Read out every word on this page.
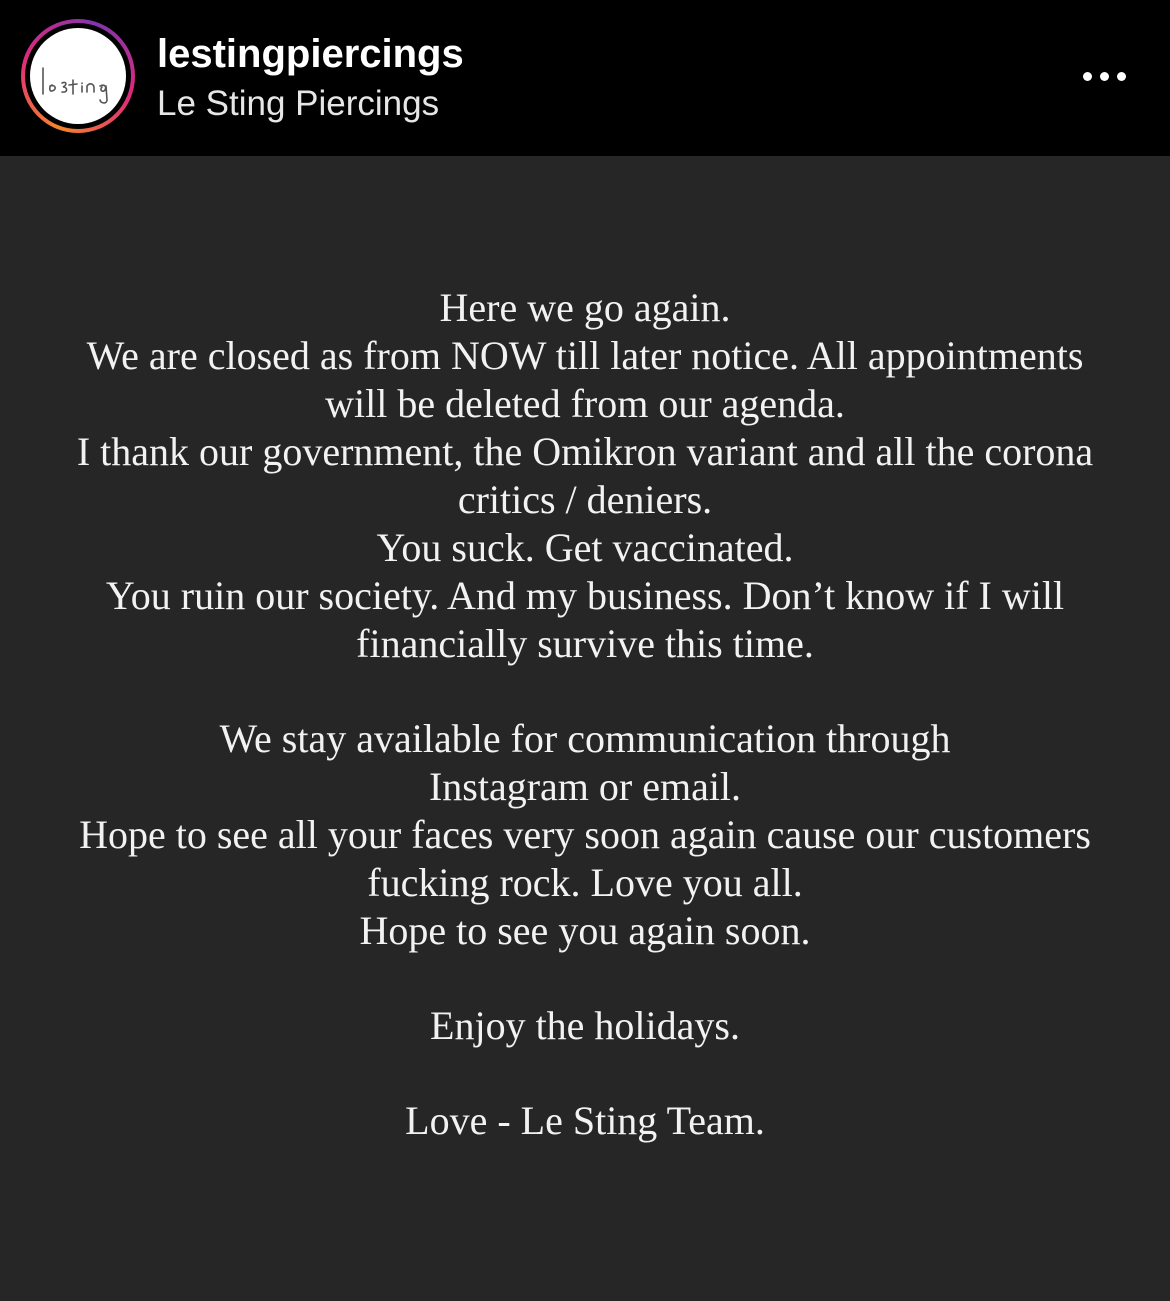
lestingpiercings
Le Sting Piercings
Here we go again.
We are closed as from NOW till later notice. All appointments
will be deleted from our agenda.
I thank our government, the Omikron variant and all the corona
critics / deniers.
You suck. Get vaccinated.
You ruin our society. And my business. Don’t know if I will
financially survive this time.
We stay available for communication through
Instagram or email.
Hope to see all your faces very soon again cause our customers
fucking rock. Love you all.
Hope to see you again soon.
Enjoy the holidays.
Love - Le Sting Team.
